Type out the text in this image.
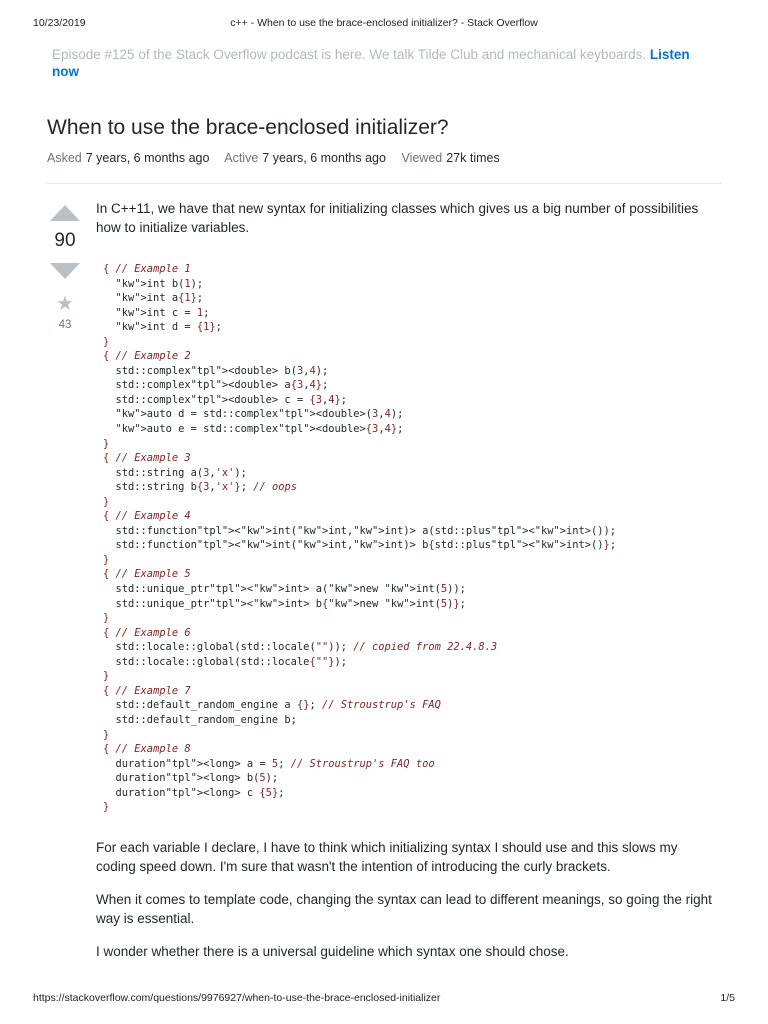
10/23/2019	c++ - When to use the brace-enclosed initializer? - Stack Overflow
Episode #125 of the Stack Overflow podcast is here. We talk Tilde Club and mechanical keyboards. Listen now
When to use the brace-enclosed initializer?
Asked 7 years, 6 months ago Active 7 years, 6 months ago Viewed 27k times
90
★
43

In C++11, we have that new syntax for initializing classes which gives us a big number of possibilities how to initialize variables.

{ // Example 1
"kw">int b(1);
"kw">int a{1};
"kw">int c = 1;
"kw">int d = {1};
}
{ // Example 2
std::complex"tpl"><double> b(3,4);
std::complex"tpl"><double> a{3,4};
std::complex"tpl"><double> c = {3,4};
"kw">auto d = std::complex"tpl"><double>(3,4);
"kw">auto e = std::complex"tpl"><double>{3,4};
}
{ // Example 3
std::string a(3,'x');
std::string b{3,'x'}; // oops
}
{ // Example 4
std::function"tpl"><"kw">int("kw">int,"kw">int)> a(std::plus"tpl"><"kw">int>());
std::function"tpl"><"kw">int("kw">int,"kw">int)> b{std::plus"tpl"><"kw">int>()};
}
{ // Example 5
std::unique_ptr"tpl"><"kw">int> a("kw">new "kw">int(5));
std::unique_ptr"tpl"><"kw">int> b{"kw">new "kw">int(5)};
}
{ // Example 6
std::locale::global(std::locale("")); // copied from 22.4.8.3
std::locale::global(std::locale{""});
}
{ // Example 7
std::default_random_engine a {}; // Stroustrup's FAQ
std::default_random_engine b;
}
{ // Example 8
duration"tpl"><long> a = 5; // Stroustrup's FAQ too
duration"tpl"><long> b(5);
duration"tpl"><long> c {5};
}

For each variable I declare, I have to think which initializing syntax I should use and this slows my coding speed down. I'm sure that wasn't the intention of introducing the curly brackets.

When it comes to template code, changing the syntax can lead to different meanings, so going the right way is essential.

I wonder whether there is a universal guideline which syntax one should chose.

https://stackoverflow.com/questions/9976927/when-to-use-the-brace-enclosed-initializer	1/5
